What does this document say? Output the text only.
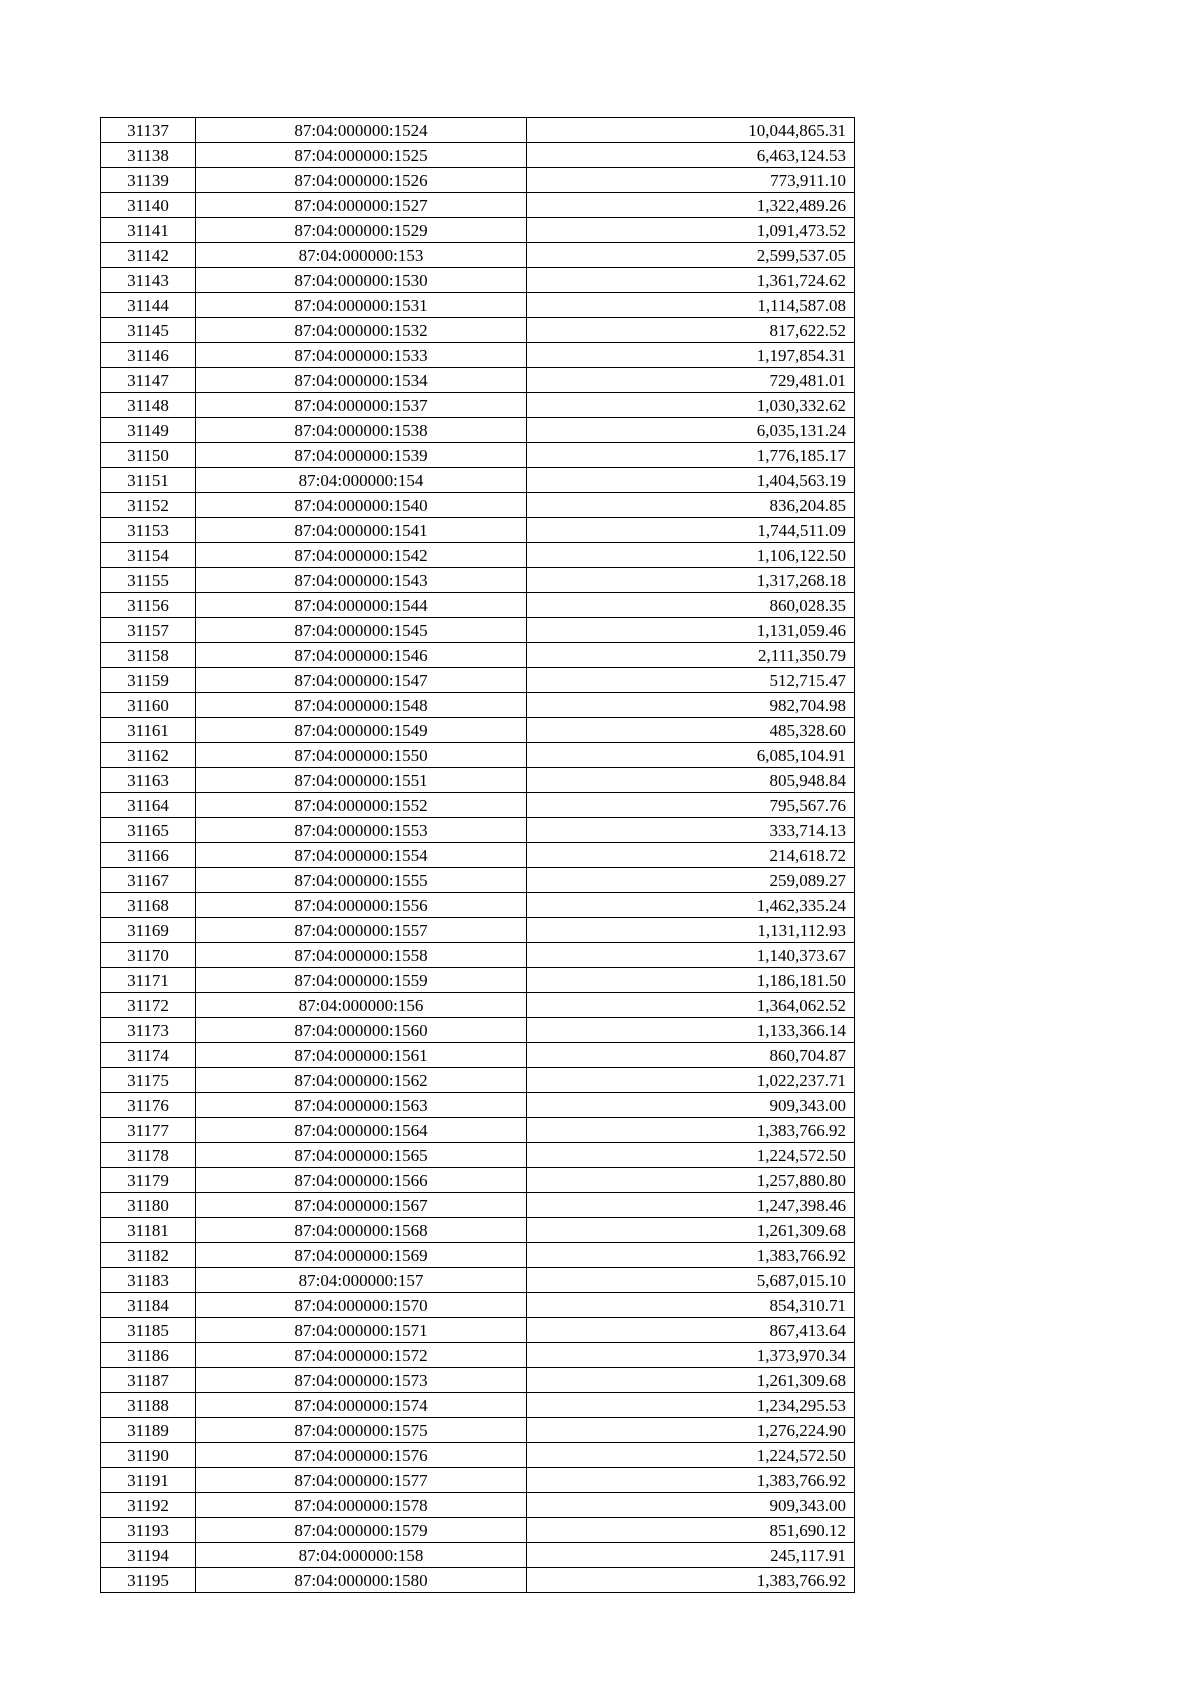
31137	87:04:000000:1524	10,044,865.31
31138	87:04:000000:1525	6,463,124.53
31139	87:04:000000:1526	773,911.10
31140	87:04:000000:1527	1,322,489.26
31141	87:04:000000:1529	1,091,473.52
31142	87:04:000000:153	2,599,537.05
31143	87:04:000000:1530	1,361,724.62
31144	87:04:000000:1531	1,114,587.08
31145	87:04:000000:1532	817,622.52
31146	87:04:000000:1533	1,197,854.31
31147	87:04:000000:1534	729,481.01
31148	87:04:000000:1537	1,030,332.62
31149	87:04:000000:1538	6,035,131.24
31150	87:04:000000:1539	1,776,185.17
31151	87:04:000000:154	1,404,563.19
31152	87:04:000000:1540	836,204.85
31153	87:04:000000:1541	1,744,511.09
31154	87:04:000000:1542	1,106,122.50
31155	87:04:000000:1543	1,317,268.18
31156	87:04:000000:1544	860,028.35
31157	87:04:000000:1545	1,131,059.46
31158	87:04:000000:1546	2,111,350.79
31159	87:04:000000:1547	512,715.47
31160	87:04:000000:1548	982,704.98
31161	87:04:000000:1549	485,328.60
31162	87:04:000000:1550	6,085,104.91
31163	87:04:000000:1551	805,948.84
31164	87:04:000000:1552	795,567.76
31165	87:04:000000:1553	333,714.13
31166	87:04:000000:1554	214,618.72
31167	87:04:000000:1555	259,089.27
31168	87:04:000000:1556	1,462,335.24
31169	87:04:000000:1557	1,131,112.93
31170	87:04:000000:1558	1,140,373.67
31171	87:04:000000:1559	1,186,181.50
31172	87:04:000000:156	1,364,062.52
31173	87:04:000000:1560	1,133,366.14
31174	87:04:000000:1561	860,704.87
31175	87:04:000000:1562	1,022,237.71
31176	87:04:000000:1563	909,343.00
31177	87:04:000000:1564	1,383,766.92
31178	87:04:000000:1565	1,224,572.50
31179	87:04:000000:1566	1,257,880.80
31180	87:04:000000:1567	1,247,398.46
31181	87:04:000000:1568	1,261,309.68
31182	87:04:000000:1569	1,383,766.92
31183	87:04:000000:157	5,687,015.10
31184	87:04:000000:1570	854,310.71
31185	87:04:000000:1571	867,413.64
31186	87:04:000000:1572	1,373,970.34
31187	87:04:000000:1573	1,261,309.68
31188	87:04:000000:1574	1,234,295.53
31189	87:04:000000:1575	1,276,224.90
31190	87:04:000000:1576	1,224,572.50
31191	87:04:000000:1577	1,383,766.92
31192	87:04:000000:1578	909,343.00
31193	87:04:000000:1579	851,690.12
31194	87:04:000000:158	245,117.91
31195	87:04:000000:1580	1,383,766.92
